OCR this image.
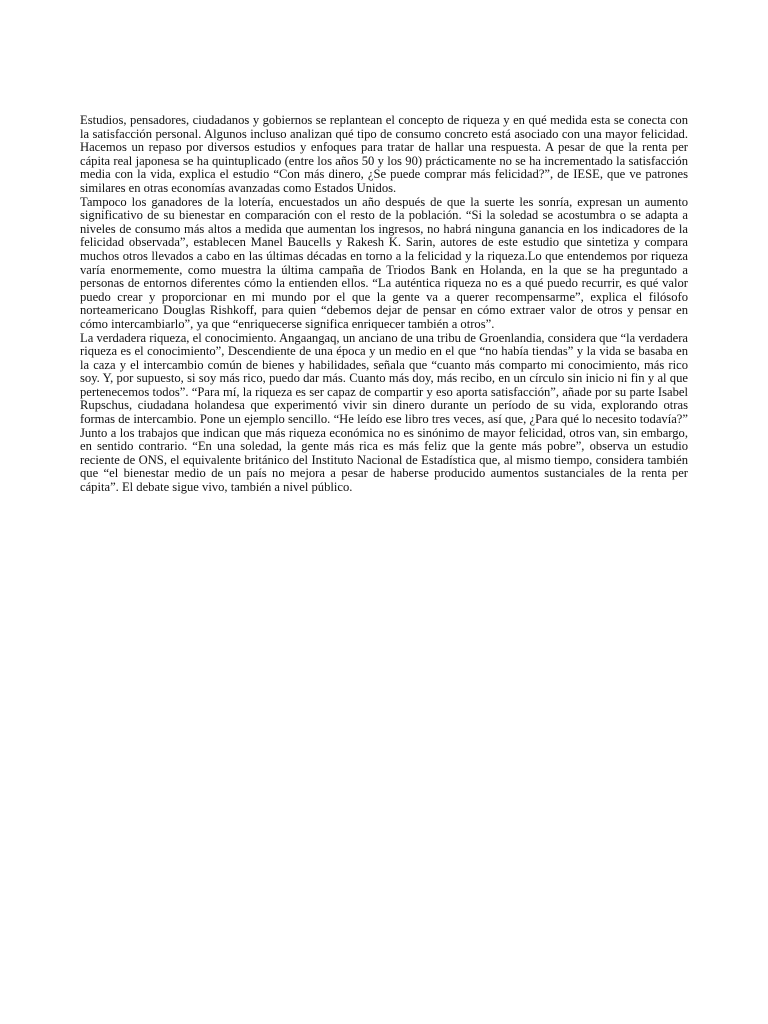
Estudios, pensadores, ciudadanos y gobiernos se replantean el concepto de riqueza y en qué medida esta se conecta con la satisfacción personal. Algunos incluso analizan qué tipo de consumo concreto está asociado con una mayor felicidad. Hacemos un repaso por diversos estudios y enfoques para tratar de hallar una respuesta. A pesar de que la renta per cápita real japonesa se ha quintuplicado (entre los años 50 y los 90) prácticamente no se ha incrementado la satisfacción media con la vida, explica el estudio “Con más dinero, ¿Se puede comprar más felicidad?”, de IESE, que ve patrones similares en otras economías avanzadas como Estados Unidos.

Tampoco los ganadores de la lotería, encuestados un año después de que la suerte les sonría, expresan un aumento significativo de su bienestar en comparación con el resto de la población. “Si la soledad se acostumbra o se adapta a niveles de consumo más altos a medida que aumentan los ingresos, no habrá ninguna ganancia en los indicadores de la felicidad observada”, establecen Manel Baucells y Rakesh K. Sarin, autores de este estudio que sintetiza y compara muchos otros llevados a cabo en las últimas décadas en torno a la felicidad y la riqueza.Lo que entendemos por riqueza varía enormemente, como muestra la última campaña de Triodos Bank en Holanda, en la que se ha preguntado a personas de entornos diferentes cómo la entienden ellos. “La auténtica riqueza no es a qué puedo recurrir, es qué valor puedo crear y proporcionar en mi mundo por el que la gente va a querer recompensarme”, explica el filósofo norteamericano Douglas Rishkoff, para quien “debemos dejar de pensar en cómo extraer valor de otros y pensar en cómo intercambiarlo”, ya que “enriquecerse significa enriquecer también a otros”.

La verdadera riqueza, el conocimiento. Angaangaq, un anciano de una tribu de Groenlandia, considera que “la verdadera riqueza es el conocimiento”, Descendiente de una época y un medio en el que “no había tiendas” y la vida se basaba en la caza y el intercambio común de bienes y habilidades, señala que “cuanto más comparto mi conocimiento, más rico soy. Y, por supuesto, si soy más rico, puedo dar más. Cuanto más doy, más recibo, en un círculo sin inicio ni fin y al que pertenecemos todos”. “Para mí, la riqueza es ser capaz de compartir y eso aporta satisfacción”, añade por su parte Isabel Rupschus, ciudadana holandesa que experimentó vivir sin dinero durante un período de su vida, explorando otras formas de intercambio. Pone un ejemplo sencillo. “He leído ese libro tres veces, así que, ¿Para qué lo necesito todavía?” Junto a los trabajos que indican que más riqueza económica no es sinónimo de mayor felicidad, otros van, sin embargo, en sentido contrario. “En una soledad, la gente más rica es más feliz que la gente más pobre”, observa un estudio reciente de ONS, el equivalente británico del Instituto Nacional de Estadística que, al mismo tiempo, considera también que “el bienestar medio de un país no mejora a pesar de haberse producido aumentos sustanciales de la renta per cápita”. El debate sigue vivo, también a nivel público.
